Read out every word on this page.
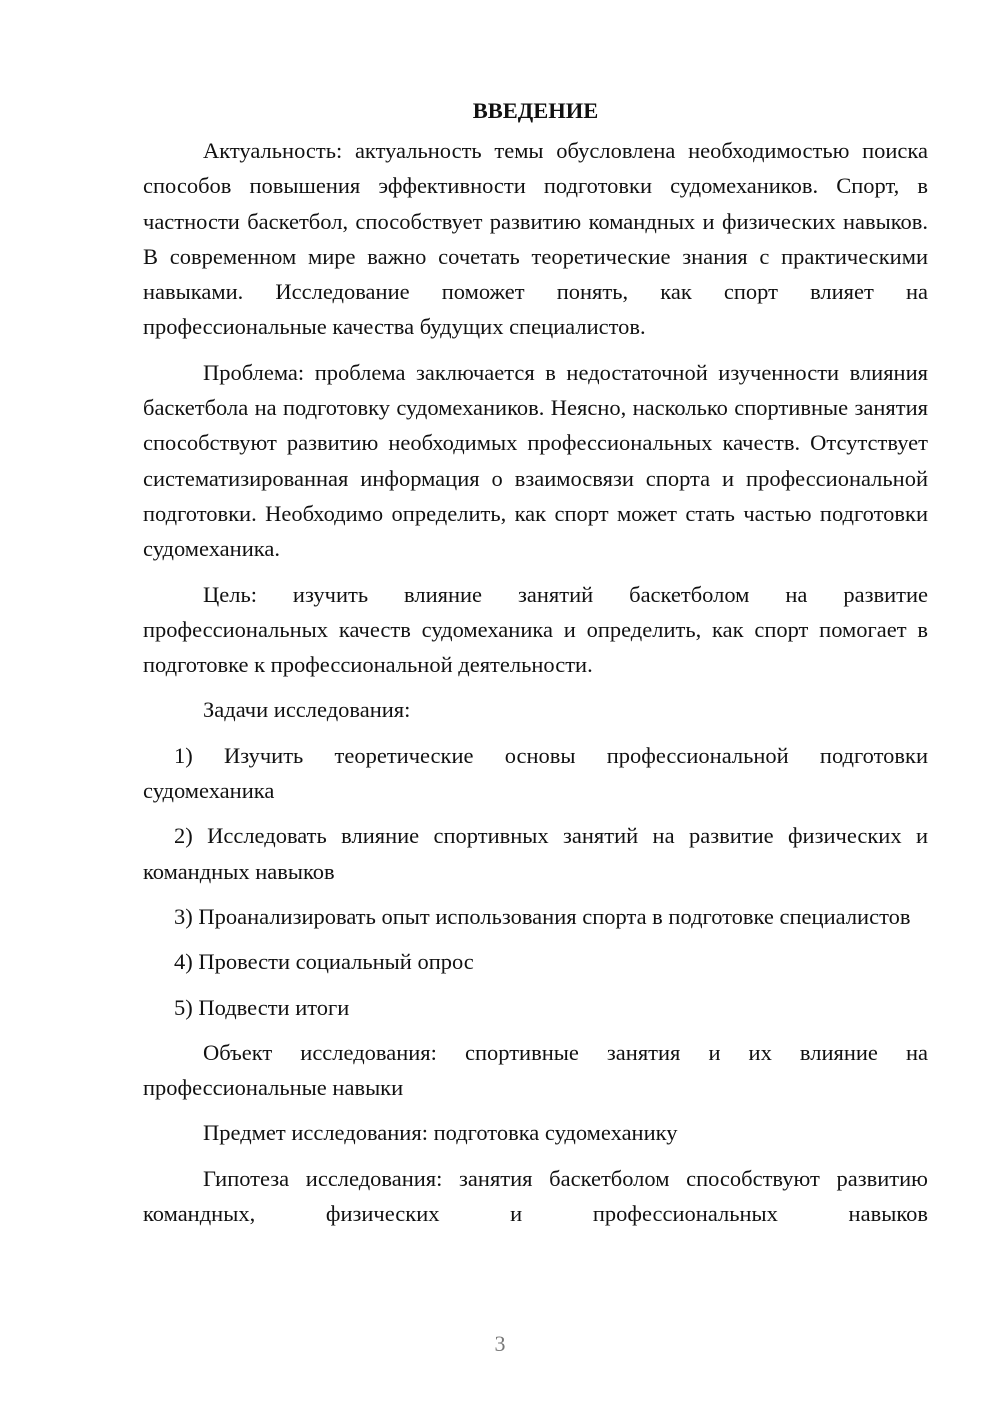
ВВЕДЕНИЕ

Актуальность: актуальность темы обусловлена необходимостью поиска способов повышения эффективности подготовки судомехаников. Спорт, в частности баскетбол, способствует развитию командных и физических навыков. В современном мире важно сочетать теоретические знания с практическими навыками. Исследование поможет понять, как спорт влияет на профессиональные качества будущих специалистов.

Проблема: проблема заключается в недостаточной изученности влияния баскетбола на подготовку судомехаников. Неясно, насколько спортивные занятия способствуют развитию необходимых профессиональных качеств. Отсутствует систематизированная информация о взаимосвязи спорта и профессиональной подготовки. Необходимо определить, как спорт может стать частью подготовки судомеханика.

Цель: изучить влияние занятий баскетболом на развитие профессиональных качеств судомеханика и определить, как спорт помогает в подготовке к профессиональной деятельности.

Задачи исследования:

1) Изучить теоретические основы профессиональной подготовки судомеханика

2) Исследовать влияние спортивных занятий на развитие физических и командных навыков

3) Проанализировать опыт использования спорта в подготовке специалистов

4) Провести социальный опрос

5) Подвести итоги

Объект исследования: спортивные занятия и их влияние на профессиональные навыки

Предмет исследования: подготовка судомеханику

Гипотеза исследования: занятия баскетболом способствуют развитию командных, физических и профессиональных навыков

3
